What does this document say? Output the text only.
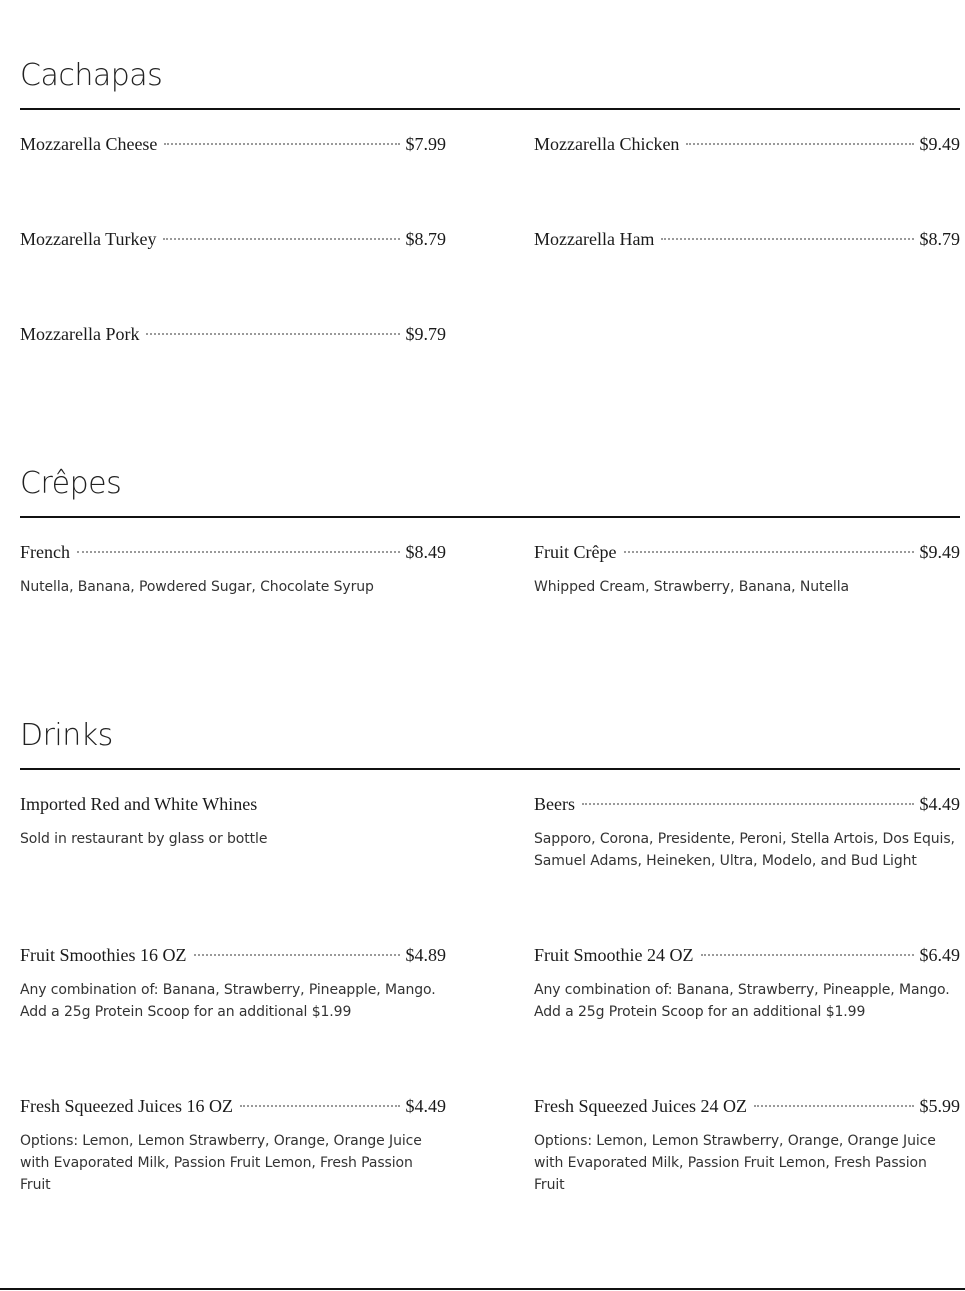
Cachapas
Mozzarella Cheese	$7.99	Mozzarella Chicken	$9.49
Mozzarella Turkey	$8.79	Mozzarella Ham	$8.79
Mozzarella Pork	$9.79
Crêpes
French	$8.49
Nutella, Banana, Powdered Sugar, Chocolate Syrup
Fruit Crêpe	$9.49
Whipped Cream, Strawberry, Banana, Nutella
Drinks
Imported Red and White Whines
Sold in restaurant by glass or bottle
Beers	$4.49
Sapporo, Corona, Presidente, Peroni, Stella Artois, Dos Equis, Samuel Adams, Heineken, Ultra, Modelo, and Bud Light
Fruit Smoothies 16 OZ	$4.89
Any combination of: Banana, Strawberry, Pineapple, Mango. Add a 25g Protein Scoop for an additional $1.99
Fruit Smoothie 24 OZ	$6.49
Any combination of: Banana, Strawberry, Pineapple, Mango. Add a 25g Protein Scoop for an additional $1.99
Fresh Squeezed Juices 16 OZ	$4.49
Options: Lemon, Lemon Strawberry, Orange, Orange Juice with Evaporated Milk, Passion Fruit Lemon, Fresh Passion Fruit
Fresh Squeezed Juices 24 OZ	$5.99
Options: Lemon, Lemon Strawberry, Orange, Orange Juice with Evaporated Milk, Passion Fruit Lemon, Fresh Passion Fruit
